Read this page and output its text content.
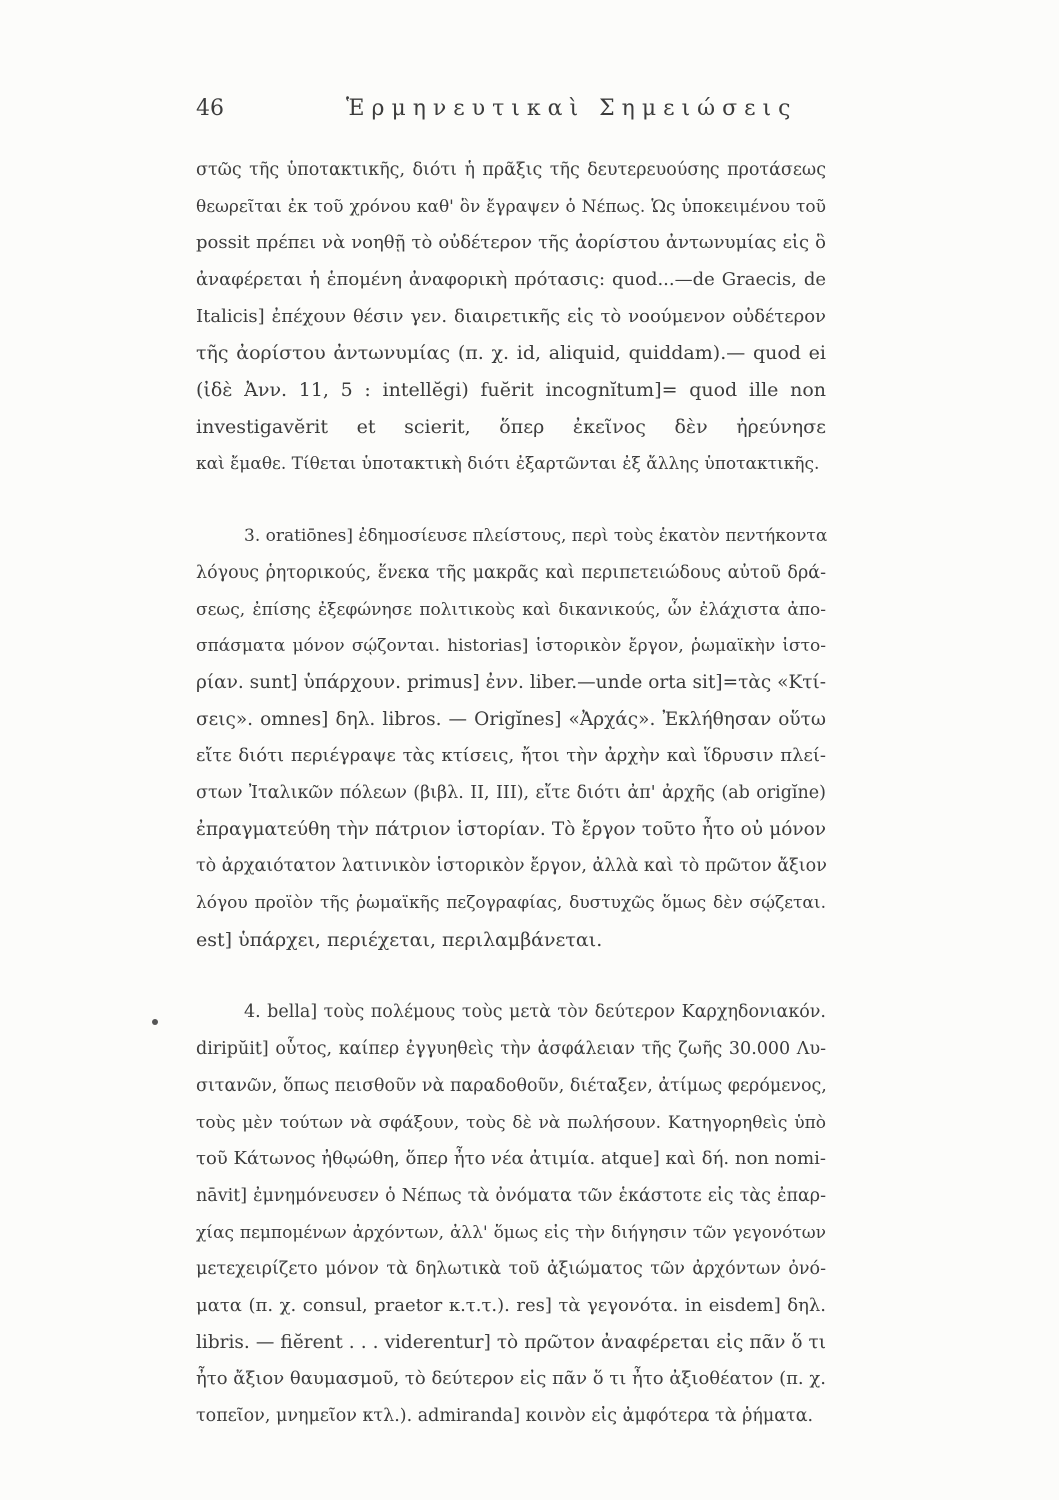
46	Ἑρμηνευτικαὶ Σημειώσεις
στῶς τῆς ὑποτακτικῆς, διότι ἡ πρᾶξις τῆς δευτερευούσης προτάσεως
θεωρεῖται ἐκ τοῦ χρόνου καθ' ὃν ἔγραψεν ὁ Νέπως. Ὡς ὑποκειμένου τοῦ
possit πρέπει νὰ νοηθῇ τὸ οὐδέτερον τῆς ἀορίστου ἀντωνυμίας εἰς ὃ
ἀναφέρεται ἡ ἑπομένη ἀναφορικὴ πρότασις: quod...—de Graecis, de
Italicis] ἐπέχουν θέσιν γεν. διαιρετικῆς εἰς τὸ νοούμενον οὐδέτερον
τῆς ἀορίστου ἀντωνυμίας (π. χ. id, aliquid, quiddam).— quod ei
(ἰδὲ Ἀνν. 11, 5 : intellĕgi) fuĕrit incognĭtum]= quod ille non
investigavĕrit et scierit, ὅπερ ἐκεῖνος δὲν ἠρεύνησε
καὶ ἔμαθε. Τίθεται ὑποτακτικὴ διότι ἐξαρτῶνται ἐξ ἄλλης ὑποτακτικῆς.
3. oratiōnes] ἐδημοσίευσε πλείστους, περὶ τοὺς ἑκατὸν πεντήκοντα
λόγους ῥητορικούς, ἕνεκα τῆς μακρᾶς καὶ περιπετειώδους αὐτοῦ δρά-
σεως, ἐπίσης ἐξεφώνησε πολιτικοὺς καὶ δικανικούς, ὧν ἐλάχιστα ἀπο-
σπάσματα μόνον σῴζονται. historias] ἱστορικὸν ἔργον, ῥωμαϊκὴν ἱστο-
ρίαν. sunt] ὑπάρχουν. primus] ἐνν. liber.—unde orta sit]=τὰς «Κτί-
σεις». omnes] δηλ. libros. — Origĭnes] «Ἀρχάς». Ἐκλήθησαν οὕτω
εἴτε διότι περιέγραψε τὰς κτίσεις, ἤτοι τὴν ἀρχὴν καὶ ἵδρυσιν πλεί-
στων Ἰταλικῶν πόλεων (βιβλ. II, III), εἴτε διότι ἀπ' ἀρχῆς (ab origĭne)
ἐπραγματεύθη τὴν πάτριον ἱστορίαν. Τὸ ἔργον τοῦτο ἦτο οὐ μόνον
τὸ ἀρχαιότατον λατινικὸν ἱστορικὸν ἔργον, ἀλλὰ καὶ τὸ πρῶτον ἄξιον
λόγου προϊὸν τῆς ῥωμαϊκῆς πεζογραφίας, δυστυχῶς ὅμως δὲν σῴζεται.
est] ὑπάρχει, περιέχεται, περιλαμβάνεται.
4. bella] τοὺς πολέμους τοὺς μετὰ τὸν δεύτερον Καρχηδονιακόν.
diripŭit] οὗτος, καίπερ ἐγγυηθεὶς τὴν ἀσφάλειαν τῆς ζωῆς 30.000 Λυ-
σιτανῶν, ὅπως πεισθοῦν νὰ παραδοθοῦν, διέταξεν, ἀτίμως φερόμενος,
τοὺς μὲν τούτων νὰ σφάξουν, τοὺς δὲ νὰ πωλήσουν. Κατηγορηθεὶς ὑπὸ
τοῦ Κάτωνος ἠθῳώθη, ὅπερ ἦτο νέα ἀτιμία. atque] καὶ δή. non nomi-
nāvit] ἐμνημόνευσεν ὁ Νέπως τὰ ὀνόματα τῶν ἑκάστοτε εἰς τὰς ἐπαρ-
χίας πεμπομένων ἀρχόντων, ἀλλ' ὅμως εἰς τὴν διήγησιν τῶν γεγονότων
μετεχειρίζετο μόνον τὰ δηλωτικὰ τοῦ ἀξιώματος τῶν ἀρχόντων ὀνό-
ματα (π. χ. consul, praetor κ.τ.τ.). res] τὰ γεγονότα. in eisdem] δηλ.
libris. — fiĕrent . . . viderentur] τὸ πρῶτον ἀναφέρεται εἰς πᾶν ὅ τι
ἦτο ἄξιον θαυμασμοῦ, τὸ δεύτερον εἰς πᾶν ὅ τι ἦτο ἀξιοθέατον (π. χ.
τοπεῖον, μνημεῖον κτλ.). admiranda] κοινὸν εἰς ἀμφότερα τὰ ῥήματα.
